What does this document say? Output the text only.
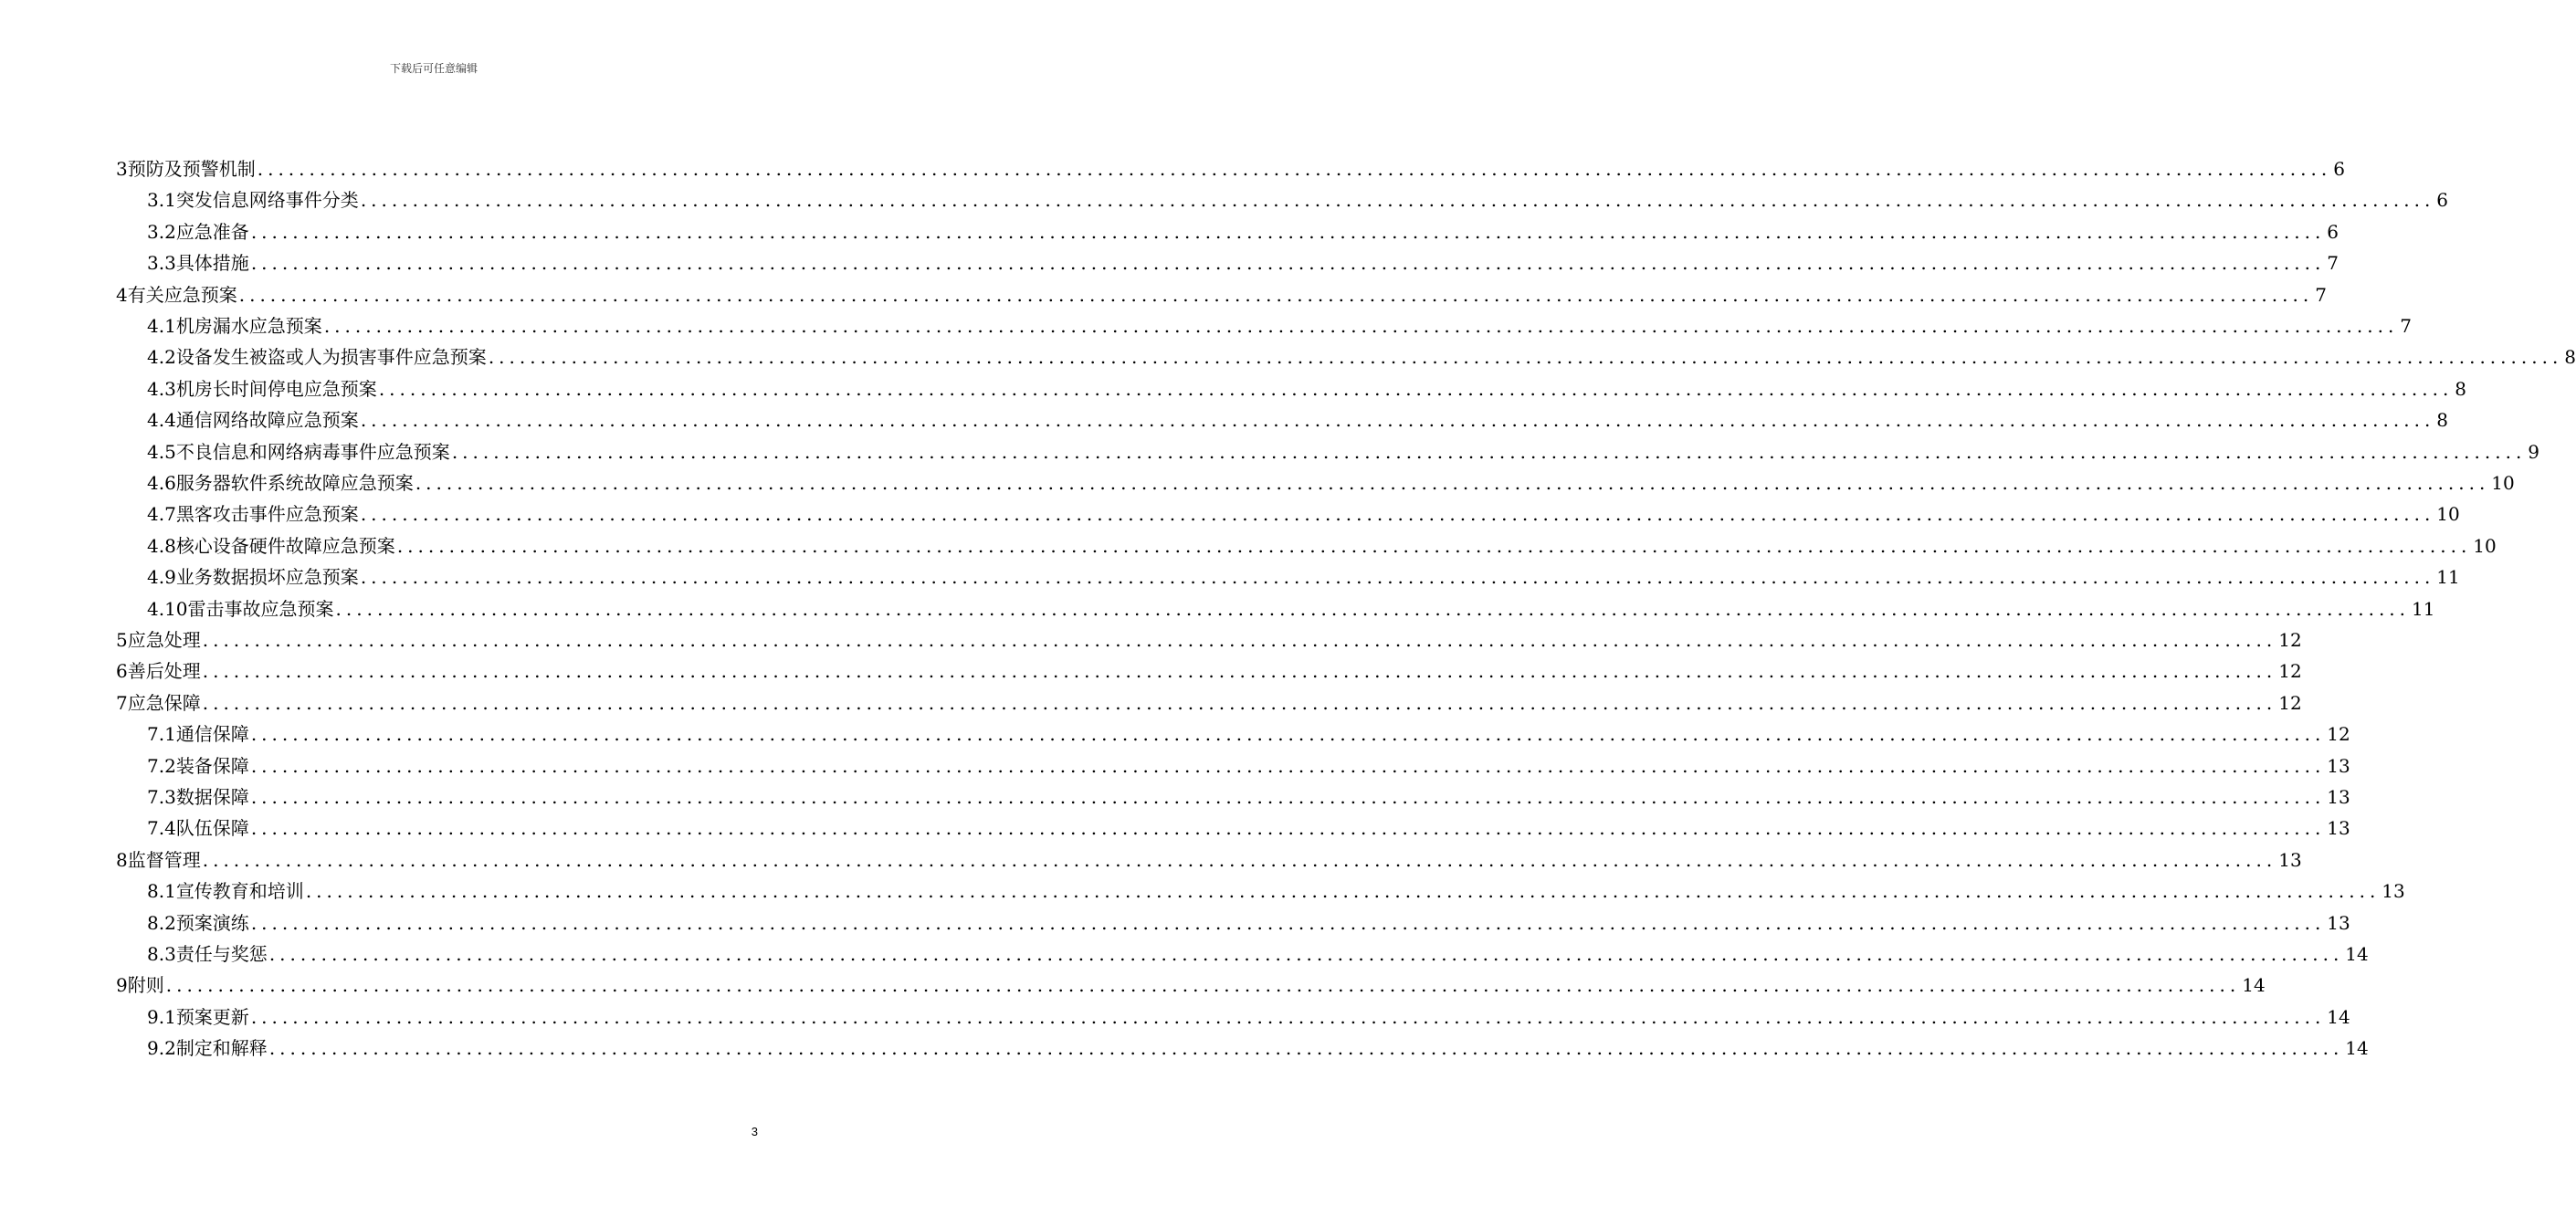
下载后可任意编辑
3 预防及预警机制 ........................................................................................................................................................................................................ 6
3.1 突发信息网络事件分类 ........................................................................................................................................................................................................ 6
3.2 应急准备 ........................................................................................................................................................................................................ 6
3.3 具体措施 ........................................................................................................................................................................................................ 7
4 有关应急预案 ........................................................................................................................................................................................................ 7
4.1 机房漏水应急预案 ........................................................................................................................................................................................................ 7
4.2 设备发生被盗或人为损害事件应急预案 ........................................................................................................................................................................................................ 8
4.3 机房长时间停电应急预案 ........................................................................................................................................................................................................ 8
4.4 通信网络故障应急预案 ........................................................................................................................................................................................................ 8
4.5 不良信息和网络病毒事件应急预案 ........................................................................................................................................................................................................ 9
4.6 服务器软件系统故障应急预案 ........................................................................................................................................................................................................ 10
4.7 黑客攻击事件应急预案 ........................................................................................................................................................................................................ 10
4.8 核心设备硬件故障应急预案 ........................................................................................................................................................................................................ 10
4.9 业务数据损坏应急预案 ........................................................................................................................................................................................................ 11
4.10 雷击事故应急预案 ........................................................................................................................................................................................................ 11
5 应急处理 ........................................................................................................................................................................................................ 12
6 善后处理 ........................................................................................................................................................................................................ 12
7 应急保障 ........................................................................................................................................................................................................ 12
7.1 通信保障 ........................................................................................................................................................................................................ 12
7.2 装备保障 ........................................................................................................................................................................................................ 13
7.3 数据保障 ........................................................................................................................................................................................................ 13
7.4 队伍保障 ........................................................................................................................................................................................................ 13
8 监督管理 ........................................................................................................................................................................................................ 13
8.1 宣传教育和培训 ........................................................................................................................................................................................................ 13
8.2 预案演练 ........................................................................................................................................................................................................ 13
8.3 责任与奖惩 ........................................................................................................................................................................................................ 14
9 附则 ........................................................................................................................................................................................................ 14
9.1 预案更新 ........................................................................................................................................................................................................ 14
9.2 制定和解释 ........................................................................................................................................................................................................ 14
3
